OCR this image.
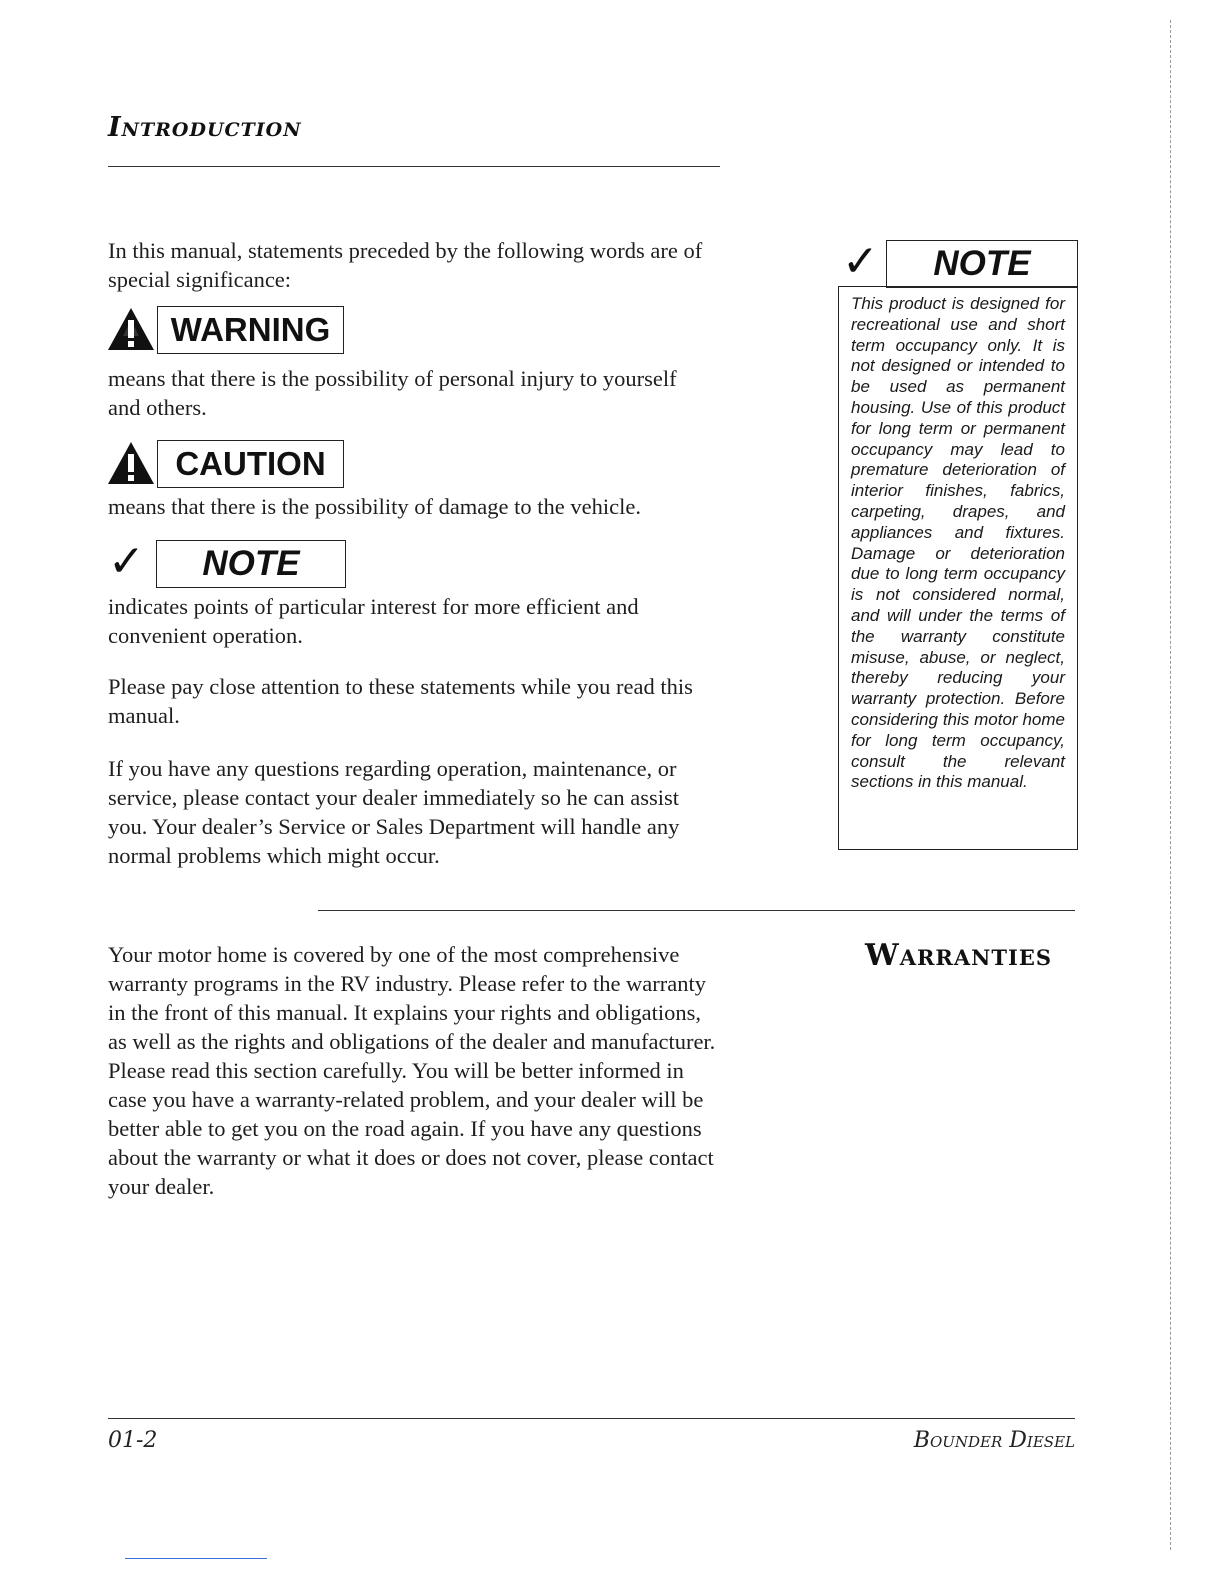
Introduction
In this manual, statements preceded by the following words are of special significance:
WARNING
means that there is the possibility of personal injury to yourself and others.
CAUTION
means that there is the possibility of damage to the vehicle.
✓	NOTE
indicates points of particular interest for more efficient and convenient operation.
Please pay close attention to these statements while you read this manual.
If you have any questions regarding operation, maintenance, or service, please contact your dealer immediately so he can assist you. Your dealer’s Service or Sales Department will handle any normal problems which might occur.
✓	NOTE
This product is designed for recreational use and short term occupancy only. It is not designed or intended to be used as permanent housing. Use of this product for long term or permanent occupancy may lead to premature deterioration of interior finishes, fabrics, carpeting, drapes, and appliances and fixtures. Damage or deterioration due to long term occupancy is not considered normal, and will under the terms of the warranty constitute misuse, abuse, or neglect, thereby reducing your warranty protection. Before considering this motor home for long term occupancy, consult the relevant sections in this manual.
Your motor home is covered by one of the most comprehensive warranty programs in the RV industry. Please refer to the warranty in the front of this manual. It explains your rights and obligations, as well as the rights and obligations of the dealer and manufacturer. Please read this section carefully. You will be better informed in case you have a warranty-related problem, and your dealer will be better able to get you on the road again. If you have any questions about the warranty or what it does or does not cover, please contact your dealer.
Warranties
01-2	Bounder Diesel
